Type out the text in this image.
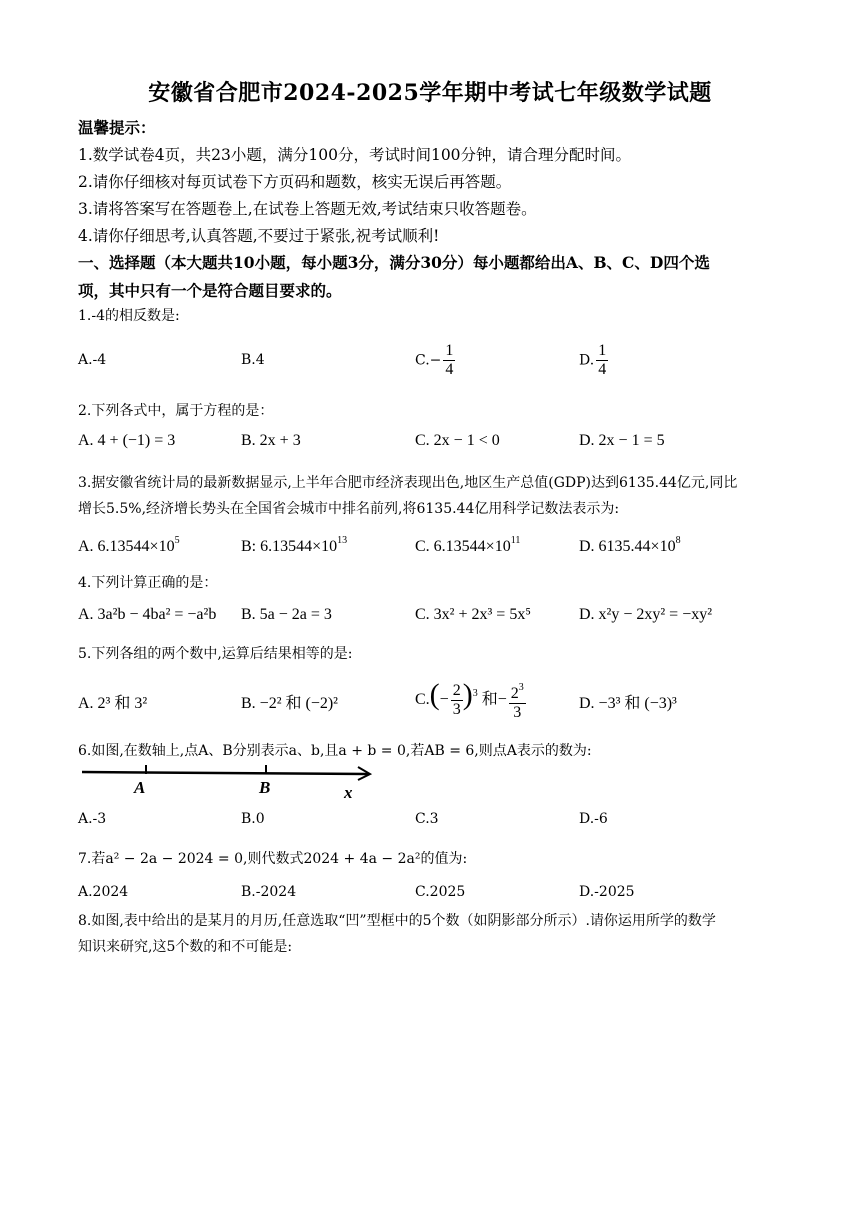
安徽省合肥市2024-2025学年期中考试七年级数学试题
温馨提示：
1.数学试卷4页，共23小题，满分100分，考试时间100分钟，请合理分配时间。
2.请你仔细核对每页试卷下方页码和题数，核实无误后再答题。
3.请将答案写在答题卷上,在试卷上答题无效,考试结束只收答题卷。
4.请你仔细思考,认真答题,不要过于紧张,祝考试顺利!
一、选择题（本大题共10小题，每小题3分，满分30分）每小题都给出A、B、C、D四个选
项，其中只有一个是符合题目要求的。
1.-4的相反数是:
A.-4	B.4	$C.- \frac{1}{4}$	D. $\frac{1}{4}$
2.下列各式中，属于方程的是：
A. 4 + (−1) = 3	B. 2x + 3	C. 2x − 1 < 0	D. 2x − 1 = 5
3.据安徽省统计局的最新数据显示,上半年合肥市经济表现出色,地区生产总值(GDP)达到6135.44亿元,同比
增长5.5%,经济增长势头在全国省会城市中排名前列,将6135.44亿用科学记数法表示为:
A. $6.13544\times 10^5$	B: $6.13544\times 10^{13}$	C. $6.13544\times 10^{11}$	D. $6135.44\times 10^8$
4.下列计算正确的是：
A. 3a²b − 4ba² = −a²b B. 5a − 2a = 3	C. 3x² + 2x³ = 5x⁵	D. x²y − 2xy² = −xy²
5.下列各组的两个数中,运算后结果相等的是:
A. 2³ 和 3²	B. −2² 和 (−2)²	$C.(- \frac{2}{3} )^3$ 和− $\frac{2^3}{3}$	D. −3³ 和 (−3)³
6.如图,在数轴上,点A、B分别表示a、b,且a + b = 0,若AB = 6,则点A表示的数为:
A	B	x
A.-3	B.0	C.3	D.-6
7.若a² − 2a − 2024 = 0,则代数式2024 + 4a − 2a²的值为:
A.2024	B.-2024	C.2025	D.-2025
8.如图,表中给出的是某月的月历,任意选取“凹”型框中的5个数（如阴影部分所示）.请你运用所学的数学
知识来研究,这5个数的和不可能是:
